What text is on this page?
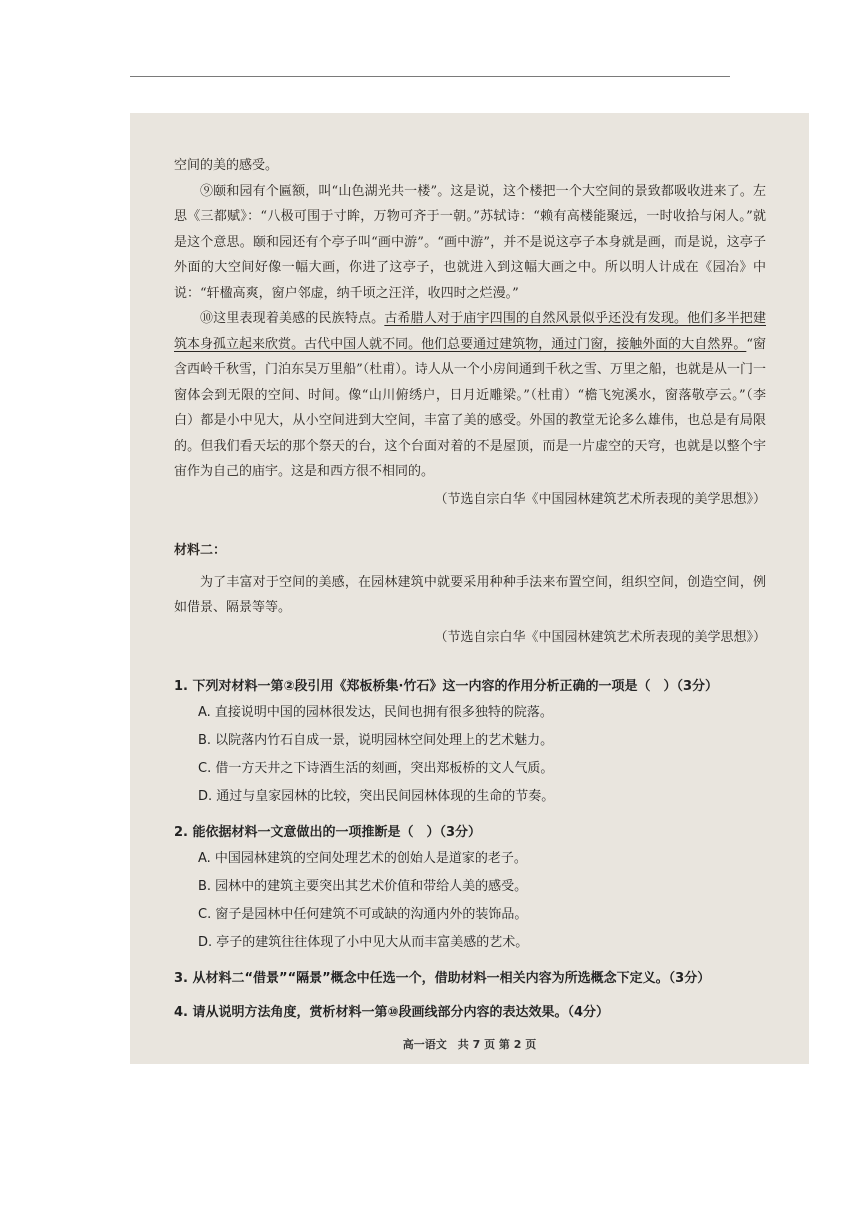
空间的美的感受。

⑨颐和园有个匾额，叫“山色湖光共一楼”。这是说，这个楼把一个大空间的景致都吸收进来了。左思《三都赋》：“八极可围于寸眸，万物可齐于一朝。”苏轼诗：“赖有高楼能聚远，一时收拾与闲人。”就是这个意思。颐和园还有个亭子叫“画中游”。“画中游”，并不是说这亭子本身就是画，而是说，这亭子外面的大空间好像一幅大画，你进了这亭子，也就进入到这幅大画之中。所以明人计成在《园冶》中说：“轩楹高爽，窗户邻虚，纳千顷之汪洋，收四时之烂漫。”

⑩这里表现着美感的民族特点。古希腊人对于庙宇四围的自然风景似乎还没有发现。他们多半把建筑本身孤立起来欣赏。古代中国人就不同。他们总要通过建筑物，通过门窗，接触外面的大自然界。“窗含西岭千秋雪，门泊东吴万里船”（杜甫）。诗人从一个小房间通到千秋之雪、万里之船，也就是从一门一窗体会到无限的空间、时间。像“山川俯绣户，日月近雕梁。”（杜甫）“檐飞宛溪水，窗落敬亭云。”（李白）都是小中见大，从小空间进到大空间，丰富了美的感受。外国的教堂无论多么雄伟，也总是有局限的。但我们看天坛的那个祭天的台，这个台面对着的不是屋顶，而是一片虚空的天穹，也就是以整个宇宙作为自己的庙宇。这是和西方很不相同的。

（节选自宗白华《中国园林建筑艺术所表现的美学思想》）

材料二：

为了丰富对于空间的美感，在园林建筑中就要采用种种手法来布置空间，组织空间，创造空间，例如借景、隔景等等。

（节选自宗白华《中国园林建筑艺术所表现的美学思想》）

1. 下列对材料一第②段引用《郑板桥集·竹石》这一内容的作用分析正确的一项是（　）（3分）
A. 直接说明中国的园林很发达，民间也拥有很多独特的院落。
B. 以院落内竹石自成一景，说明园林空间处理上的艺术魅力。
C. 借一方天井之下诗酒生活的刻画，突出郑板桥的文人气质。
D. 通过与皇家园林的比较，突出民间园林体现的生命的节奏。
2. 能依据材料一文意做出的一项推断是（　）（3分）
A. 中国园林建筑的空间处理艺术的创始人是道家的老子。
B. 园林中的建筑主要突出其艺术价值和带给人美的感受。
C. 窗子是园林中任何建筑不可或缺的沟通内外的装饰品。
D. 亭子的建筑往往体现了小中见大从而丰富美感的艺术。
3. 从材料二“借景”“隔景”概念中任选一个，借助材料一相关内容为所选概念下定义。（3分）
4. 请从说明方法角度，赏析材料一第⑩段画线部分内容的表达效果。（4分）
高一语文　共 7 页 第 2 页
